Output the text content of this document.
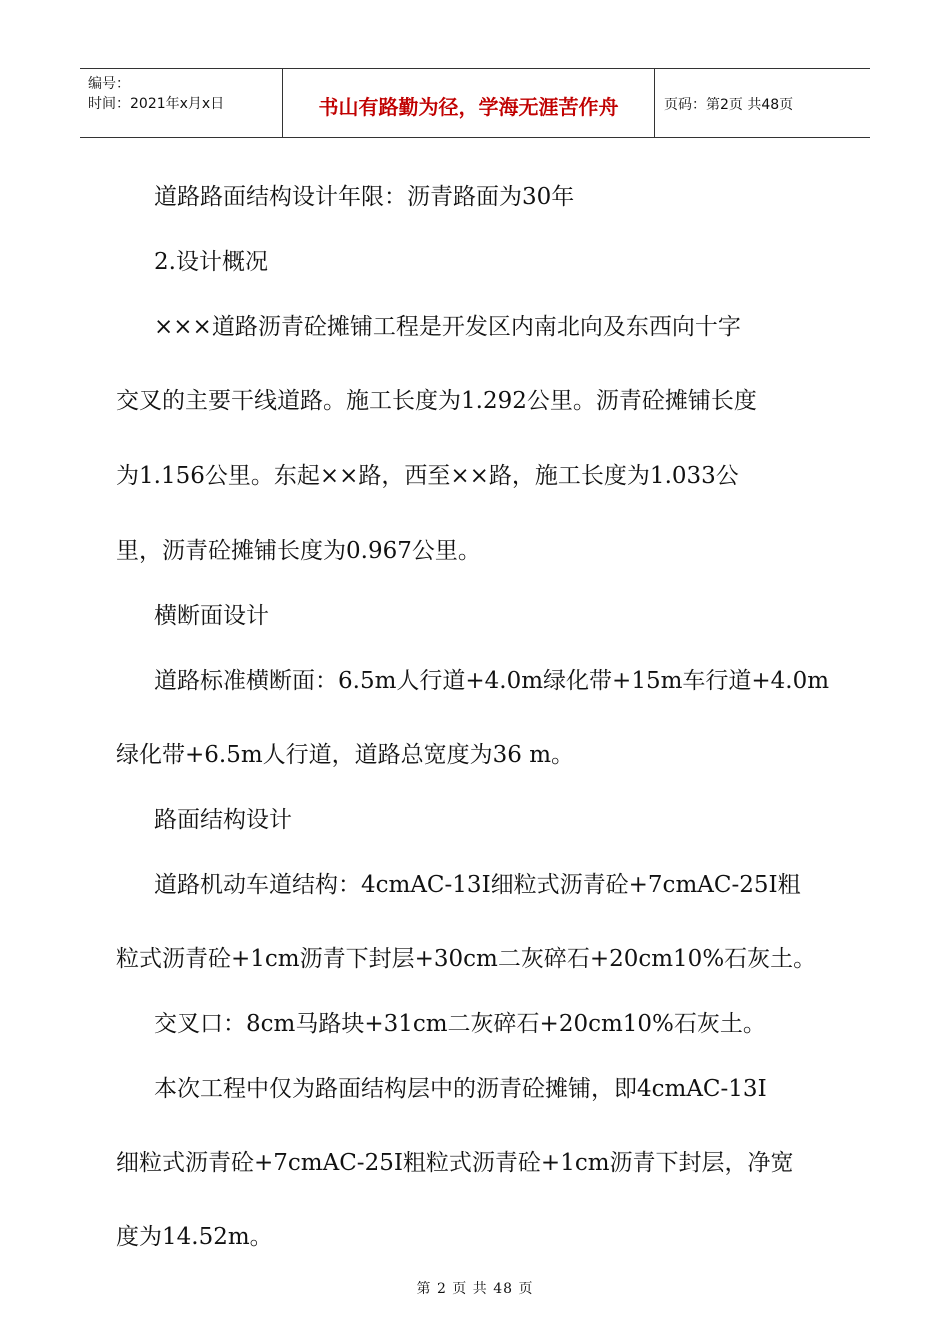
编号：
时间：2021年x月x日	书山有路勤为径，学海无涯苦作舟	页码：第2页 共48页
道路路面结构设计年限：沥青路面为30年
2.设计概况
×××道路沥青砼摊铺工程是开发区内南北向及东西向十字
交叉的主要干线道路。施工长度为1.292公里。沥青砼摊铺长度
为1.156公里。东起××路，西至××路，施工长度为1.033公
里，沥青砼摊铺长度为0.967公里。
横断面设计
道路标准横断面：6.5m人行道+4.0m绿化带+15m车行道+4.0m
绿化带+6.5m人行道，道路总宽度为36 m。
路面结构设计
道路机动车道结构：4cmAC-13I细粒式沥青砼+7cmAC-25I粗
粒式沥青砼+1cm沥青下封层+30cm二灰碎石+20cm10%石灰土。
交叉口：8cm马路块+31cm二灰碎石+20cm10%石灰土。
本次工程中仅为路面结构层中的沥青砼摊铺，即4cmAC-13I
细粒式沥青砼+7cmAC-25I粗粒式沥青砼+1cm沥青下封层，净宽
度为14.52m。
第 2 页 共 48 页
